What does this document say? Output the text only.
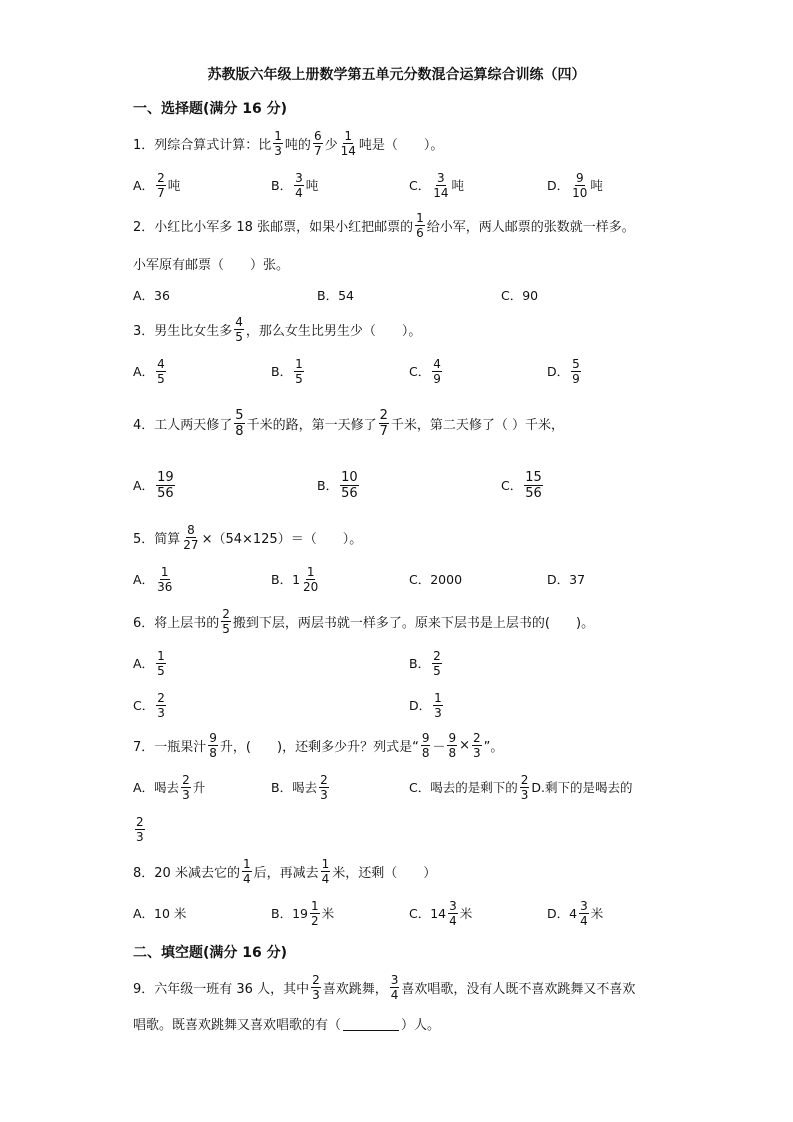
苏教版六年级上册数学第五单元分数混合运算综合训练（四）
一、选择题(满分 16 分)
1．列综合算式计算：比
1
3 吨的
6
7 少
1
14 吨是（　　）。
A．
2
7 吨	B．
3
4 吨	C．
3
14 吨	D．
9
10 吨
2．小红比小军多 18 张邮票，如果小红把邮票的
1
6 给小军，两人邮票的张数就一样多。
小军原有邮票（　　）张。
A．36	B．54	C．90
3．男生比女生多
4
5 ，那么女生比男生少（　　）。
A．
4
5	B．
1
5	C．
4
9	D．
5
9
4．工人两天修了
5
8 千米的路，第一天修了
2
7 千米，第二天修了（ ）千米，
A．
19
56	B．
10
56	C．
15
56
5．简算 $\frac{8}{27} \times(54\times 125)=$（　　）。
A．
1
36	B． 1 1
20	C．2000	D．37
6．将上层书的
2
5 搬到下层，两层书就一样多了。原来下层书是上层书的(　　)。
A．
1
5	B．
2
5
C．
2
3	D．
1
3
7．一瓶果汁
9
8 升，(　　)，还剩多少升？列式是“
9
$8 - \frac{9}{8} \times \frac{2}{3}$ ”。
A．喝去
2
3 升	B．喝去
2
3	C．喝去的是剩下的
2
3 D.剩下的是喝去的
2
3
8．20 米减去它的
1
4 后，再减去
1
4 米，还剩（　　）
A．10 米	B．19
1
2 米	C．14
3
4 米	D．4
3
4 米
二、填空题(满分 16 分)
9．六年级一班有 36 人，其中
2
3 喜欢跳舞，
3
4 喜欢唱歌，没有人既不喜欢跳舞又不喜欢
唱歌。既喜欢跳舞又喜欢唱歌的有（	）人。
